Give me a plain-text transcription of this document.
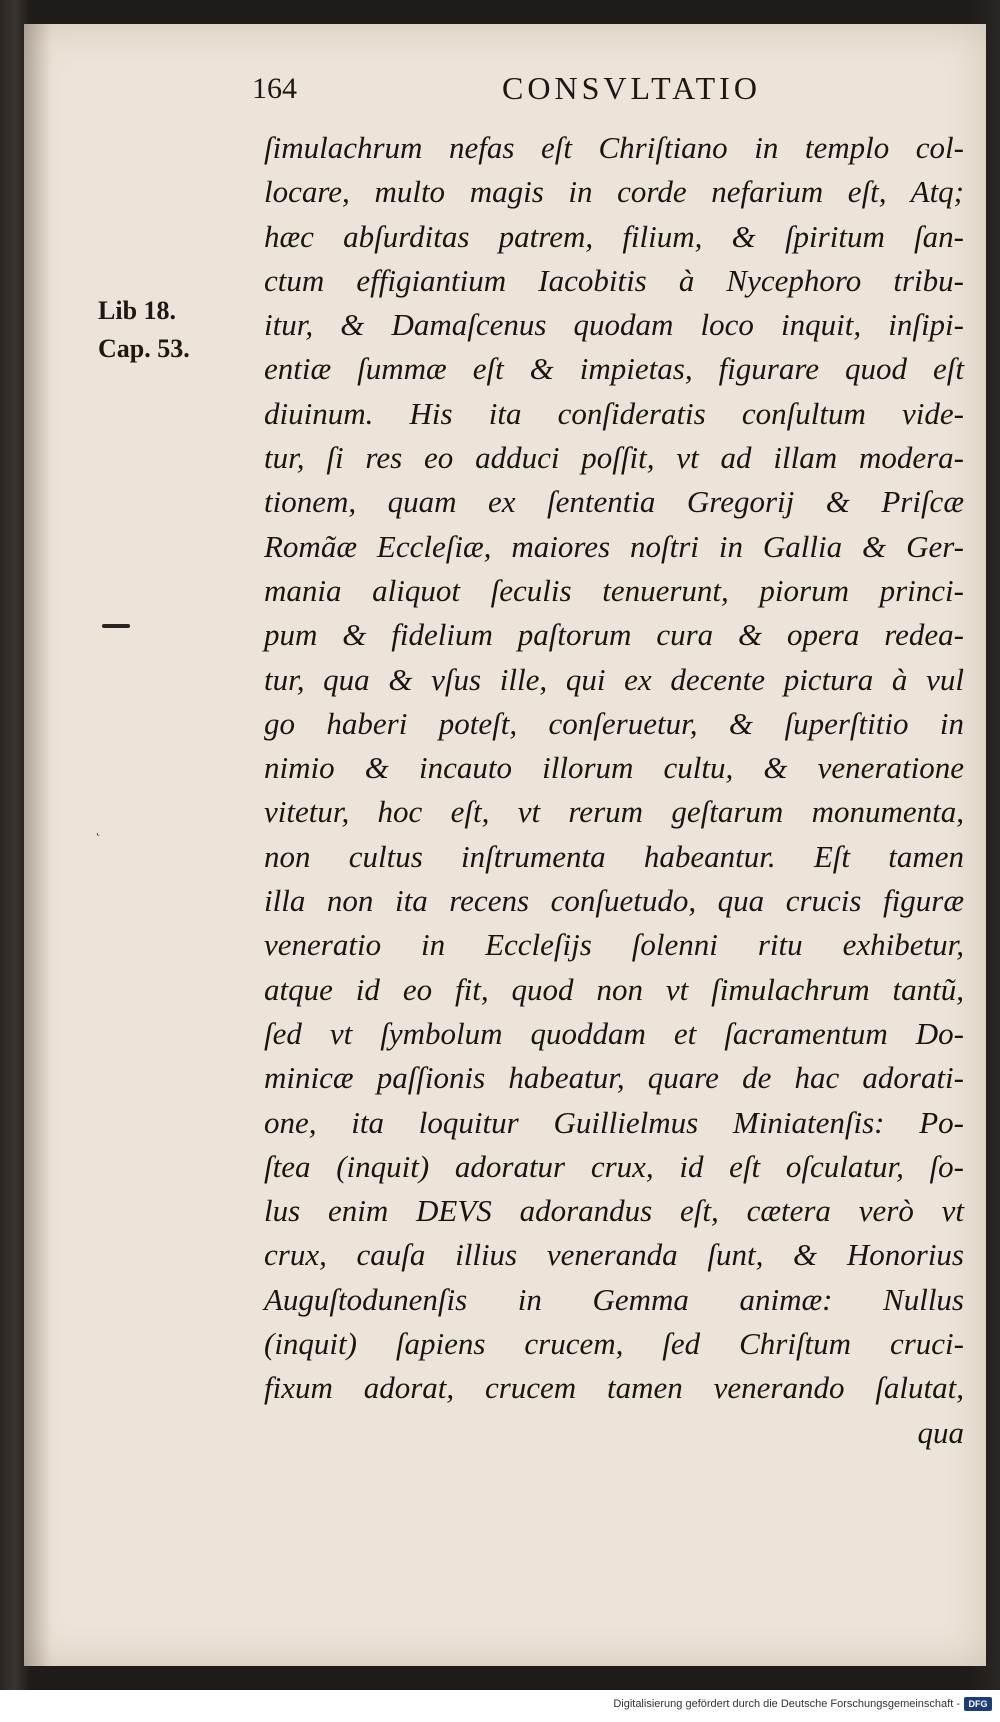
164	CONSVLTATIO
Lib 18.
Cap. 53.
˛
ſimulachrum nefas eſt Chriſtiano in templo col-
locare, multo magis in corde nefarium eſt, Atq;
hæc abſurditas patrem, filium, & ſpiritum ſan-
ctum effigiantium Iacobitis à Nycephoro tribu-
itur, & Damaſcenus quodam loco inquit, inſipi-
entiæ ſummæ eſt & impietas, figurare quod eſt
diuinum. His ita conſideratis conſultum vide-
tur, ſi res eo adduci poſſit, vt ad illam modera-
tionem, quam ex ſententia Gregorij & Priſcæ
Romãæ Eccleſiæ, maiores noſtri in Gallia & Ger-
mania aliquot ſeculis tenuerunt, piorum princi-
pum & fidelium paſtorum cura & opera redea-
tur, qua & vſus ille, qui ex decente pictura à vul
go haberi poteſt, conſeruetur, & ſuperſtitio in
nimio & incauto illorum cultu, & veneratione
vitetur, hoc eſt, vt rerum geſtarum monumenta,
non cultus inſtrumenta habeantur. Eſt tamen
illa non ita recens conſuetudo, qua crucis figuræ
veneratio in Eccleſijs ſolenni ritu exhibetur,
atque id eo fit, quod non vt ſimulachrum tantũ,
ſed vt ſymbolum quoddam et ſacramentum Do-
minicæ paſſionis habeatur, quare de hac adorati-
one, ita loquitur Guillielmus Miniatenſis: Po-
ſtea (inquit) adoratur crux, id eſt oſculatur, ſo-
lus enim DEVS adorandus eſt, cætera verò vt
crux, cauſa illius veneranda ſunt, & Honorius
Auguſtodunenſis in Gemma animæ: Nullus
(inquit) ſapiens crucem, ſed Chriſtum cruci-
fixum adorat, crucem tamen venerando ſalutat,
qua
Digitalisierung gefördert durch die Deutsche Forschungsgemeinschaft - DFG
